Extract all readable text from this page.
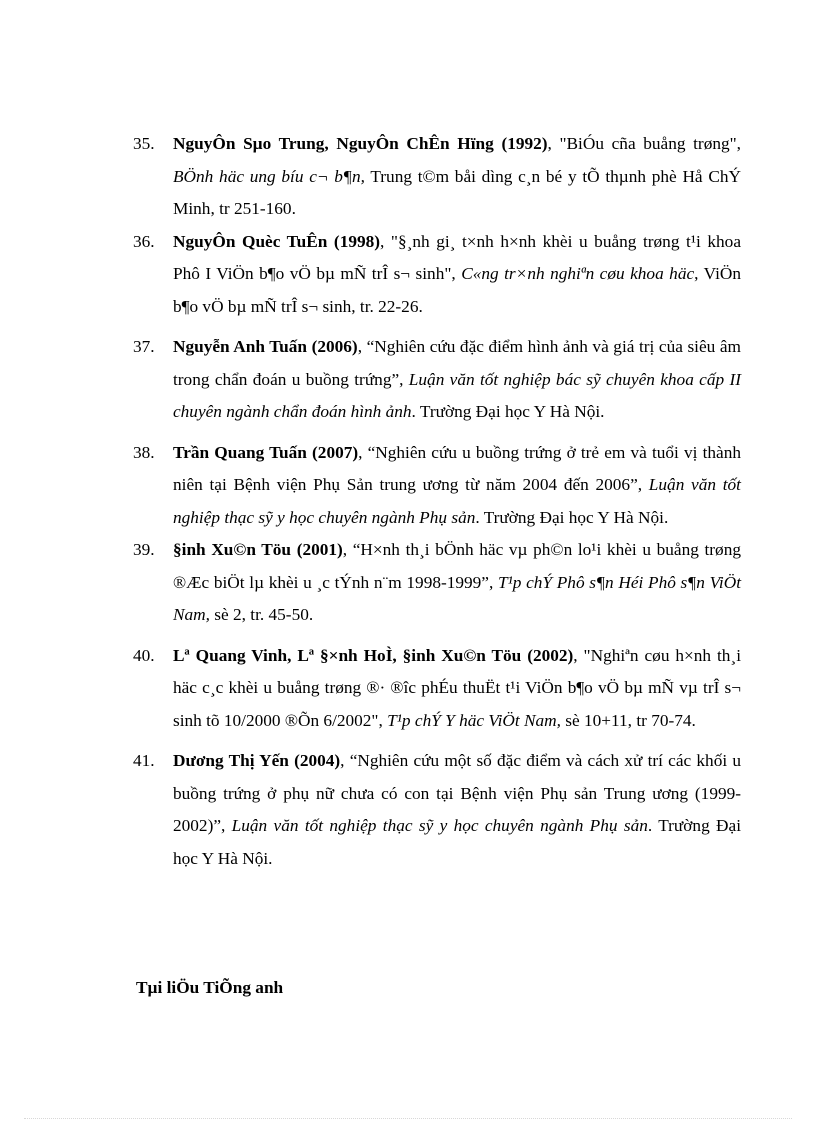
35. NguyÔn Sµo Trung, NguyÔn ChÊn Hïng (1992), "BiÓu cña buång trøng", BÖnh häc ung bíu c¬ b¶n, Trung t©m båi dìng c¸n bé y tÕ thµnh phè Hå ChÝ Minh, tr 251-160.
36. NguyÔn Quèc TuÊn (1998), "§¸nh gi¸ t×nh h×nh khèi u buång trøng t¹i khoa Phô I ViÖn b¶o vÖ bµ mÑ trÎ s¬ sinh", C«ng tr×nh nghiªn cøu khoa häc, ViÖn b¶o vÖ bµ mÑ trÎ s¬ sinh, tr. 22-26.
37. Nguyễn Anh Tuấn (2006), “Nghiên cứu đặc điểm hình ảnh và giá trị của siêu âm trong chẩn đoán u buồng trứng”, Luận văn tốt nghiệp bác sỹ chuyên khoa cấp II chuyên ngành chẩn đoán hình ảnh. Trường Đại học Y Hà Nội.
38. Trần Quang Tuấn (2007), “Nghiên cứu u buồng trứng ở trẻ em và tuổi vị thành niên tại Bệnh viện Phụ Sản trung ương từ năm 2004 đến 2006”, Luận văn tốt nghiệp thạc sỹ y học chuyên ngành Phụ sản. Trường Đại học Y Hà Nội.
39. §inh Xu©n Töu (2001), “H×nh th¸i bÖnh häc vµ ph©n lo¹i khèi u buång trøng ®Æc biÖt lµ khèi u ¸c tÝnh n¨m 1998-1999”, T¹p chÝ Phô s¶n Héi Phô s¶n ViÖt Nam, sè 2, tr. 45-50.
40. Lª Quang Vinh, Lª §×nh HoÌ, §inh Xu©n Töu (2002), "Nghiªn cøu h×nh th¸i häc c¸c khèi u buång trøng ®· ®îc phÉu thuËt t¹i ViÖn b¶o vÖ bµ mÑ vµ trÎ s¬ sinh tõ 10/2000 ®Õn 6/2002", T¹p chÝ Y häc ViÖt Nam, sè 10+11, tr 70-74.
41. Dương Thị Yến (2004), “Nghiên cứu một số đặc điểm và cách xử trí các khối u buồng trứng ở phụ nữ chưa có con tại Bệnh viện Phụ sản Trung ương (1999-2002)”, Luận văn tốt nghiệp thạc sỹ y học chuyên ngành Phụ sản. Trường Đại học Y Hà Nội.
Tµi liÖu TiÕng anh
